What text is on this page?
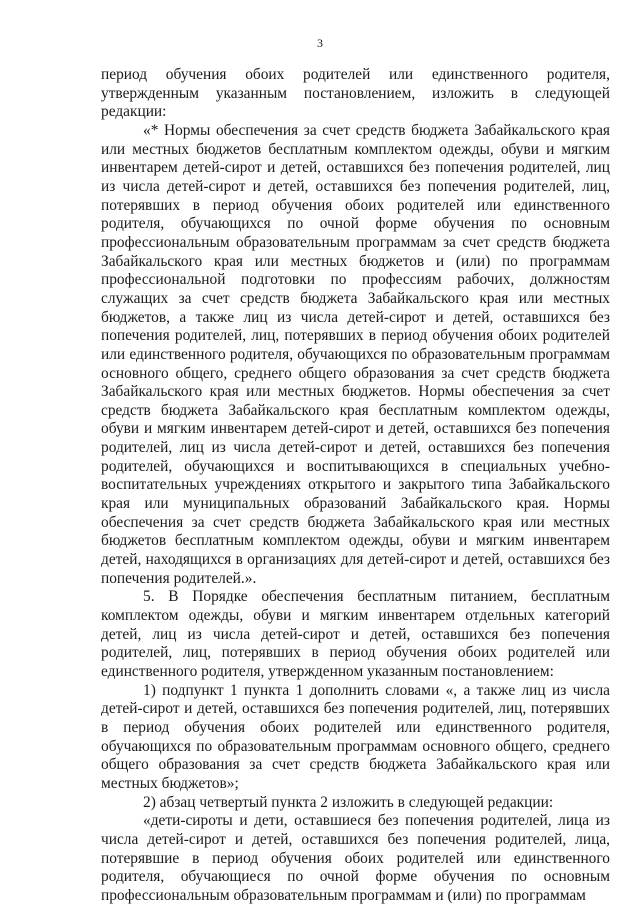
3

период обучения обоих родителей или единственного родителя, утвержденным указанным постановлением, изложить в следующей редакции:

«* Нормы обеспечения за счет средств бюджета Забайкальского края или местных бюджетов бесплатным комплектом одежды, обуви и мягким инвентарем детей-сирот и детей, оставшихся без попечения родителей, лиц из числа детей-сирот и детей, оставшихся без попечения родителей, лиц, потерявших в период обучения обоих родителей или единственного родителя, обучающихся по очной форме обучения по основным профессиональным образовательным программам за счет средств бюджета Забайкальского края или местных бюджетов и (или) по программам профессиональной подготовки по профессиям рабочих, должностям служащих за счет средств бюджета Забайкальского края или местных бюджетов, а также лиц из числа детей-сирот и детей, оставшихся без попечения родителей, лиц, потерявших в период обучения обоих родителей или единственного родителя, обучающихся по образовательным программам основного общего, среднего общего образования за счет средств бюджета Забайкальского края или местных бюджетов. Нормы обеспечения за счет средств бюджета Забайкальского края бесплатным комплектом одежды, обуви и мягким инвентарем детей-сирот и детей, оставшихся без попечения родителей, лиц из числа детей-сирот и детей, оставшихся без попечения родителей, обучающихся и воспитывающихся в специальных учебно-воспитательных учреждениях открытого и закрытого типа Забайкальского края или муниципальных образований Забайкальского края. Нормы обеспечения за счет средств бюджета Забайкальского края или местных бюджетов бесплатным комплектом одежды, обуви и мягким инвентарем детей, находящихся в организациях для детей-сирот и детей, оставшихся без попечения родителей.».

5. В Порядке обеспечения бесплатным питанием, бесплатным комплектом одежды, обуви и мягким инвентарем отдельных категорий детей, лиц из числа детей-сирот и детей, оставшихся без попечения родителей, лиц, потерявших в период обучения обоих родителей или единственного родителя, утвержденном указанным постановлением:

1) подпункт 1 пункта 1 дополнить словами «, а также лиц из числа детей-сирот и детей, оставшихся без попечения родителей, лиц, потерявших в период обучения обоих родителей или единственного родителя, обучающихся по образовательным программам основного общего, среднего общего образования за счет средств бюджета Забайкальского края или местных бюджетов»;

2) абзац четвертый пункта 2 изложить в следующей редакции:

«дети-сироты и дети, оставшиеся без попечения родителей, лица из числа детей-сирот и детей, оставшихся без попечения родителей, лица, потерявшие в период обучения обоих родителей или единственного родителя, обучающиеся по очной форме обучения по основным профессиональным образовательным программам и (или) по программам
